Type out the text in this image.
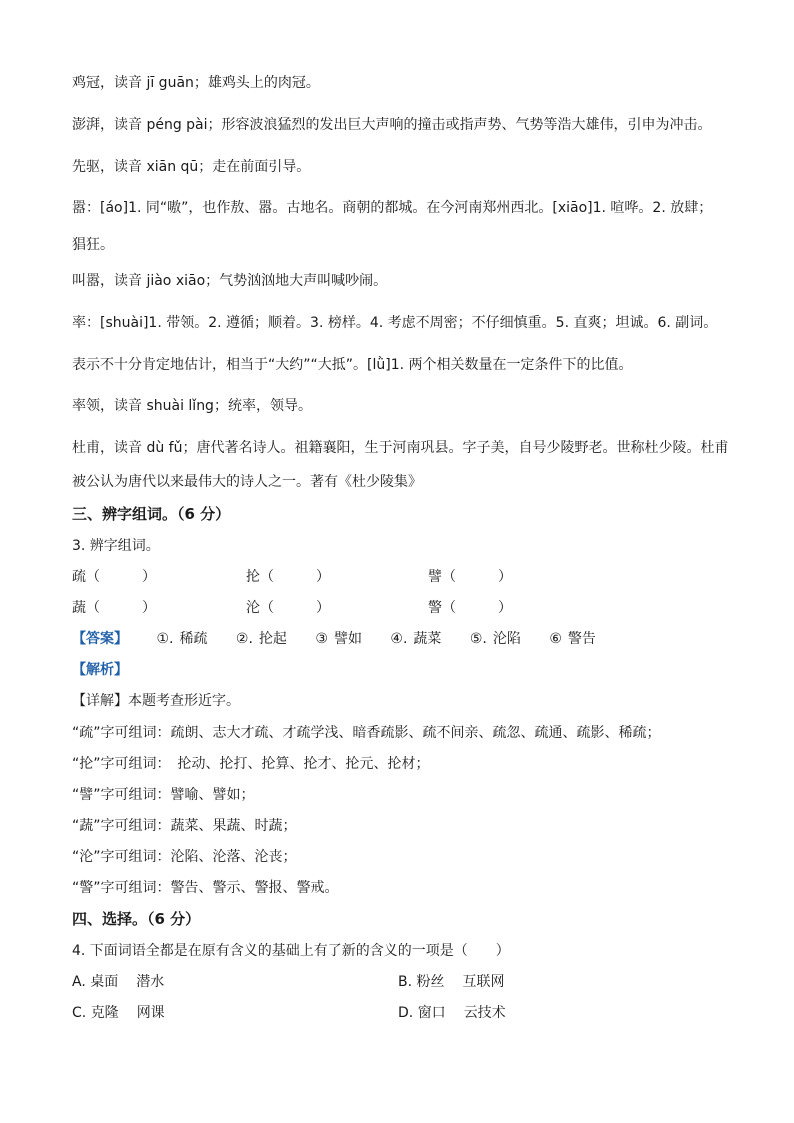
鸡冠，读音 jī guān；雄鸡头上的肉冠。
澎湃，读音 péng pài；形容波浪猛烈的发出巨大声响的撞击或指声势、气势等浩大雄伟，引申为冲击。
先驱，读音 xiān qū；走在前面引导。
嚣：[áo]1. 同“嗷”，也作敖、嚣。古地名。商朝的都城。在今河南郑州西北。[xiāo]1. 喧哗。2. 放肆；
猖狂。
叫嚣，读音 jiào xiāo；气势汹汹地大声叫喊吵闹。
率：[shuài]1. 带领。2. 遵循；顺着。3. 榜样。4. 考虑不周密；不仔细慎重。5. 直爽；坦诚。6. 副词。
表示不十分肯定地估计，相当于“大约”“大抵”。[lǜ]1. 两个相关数量在一定条件下的比值。
率领，读音 shuài lǐng；统率，领导。
杜甫，读音 dù fǔ；唐代著名诗人。祖籍襄阳，生于河南巩县。字子美，自号少陵野老。世称杜少陵。杜甫
被公认为唐代以来最伟大的诗人之一。著有《杜少陵集》
三、辨字组词。（6 分）
3. 辨字组词。
疏（　　　）	抡（　　　）	譬（　　　）
蔬（　　　）	沦（　　　）	警（　　　）
【答案】 ①. 稀疏 ②. 抡起 ③ 譬如 ④. 蔬菜 ⑤. 沦陷 ⑥ 警告
【解析】
【详解】本题考查形近字。
“疏”字可组词：疏朗、志大才疏、才疏学浅、暗香疏影、疏不间亲、疏忽、疏通、疏影、稀疏；
“抡”字可组词：　抡动、抡打、抡算、抡才、抡元、抡材；
“譬”字可组词：譬喻、譬如；
“蔬”字可组词：蔬菜、果蔬、时蔬；
“沦”字可组词：沦陷、沦落、沦丧；
“警”字可组词：警告、警示、警报、警戒。
四、选择。（6 分）
4. 下面词语全都是在原有含义的基础上有了新的含义的一项是（　　）
A. 桌面 潜水	B. 粉丝 互联网
C. 克隆 网课	D. 窗口 云技术
